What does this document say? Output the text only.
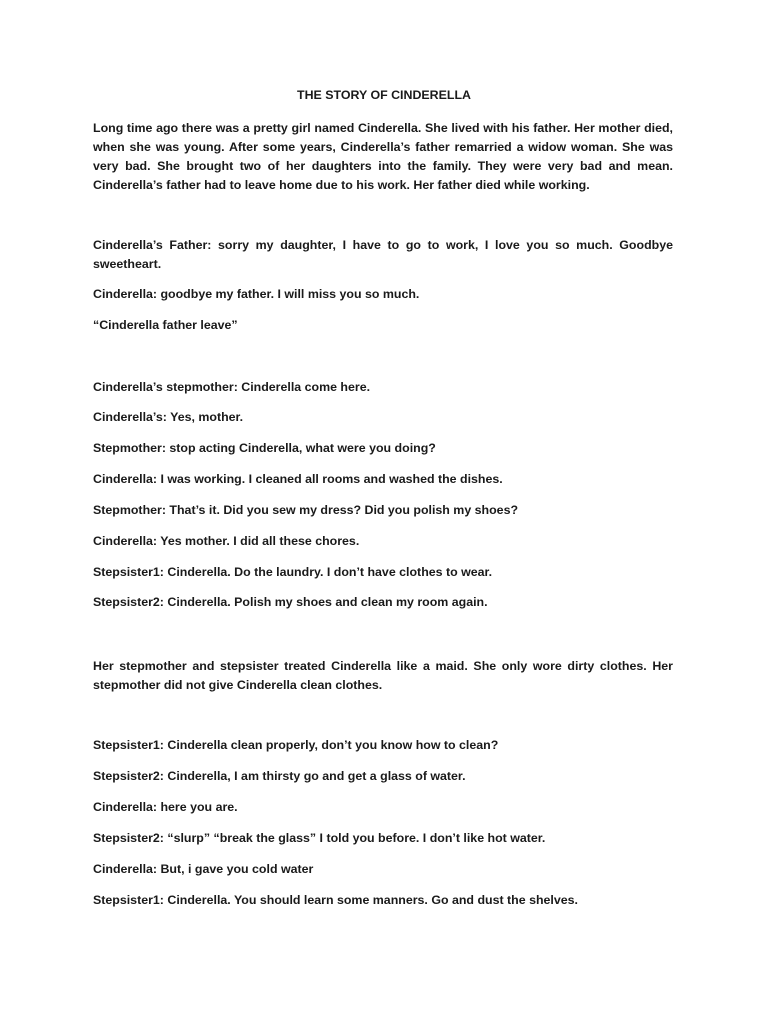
THE STORY OF CINDERELLA

Long time ago there was a pretty girl named Cinderella. She lived with his father. Her mother died, when she was young. After some years, Cinderella’s father remarried a widow woman. She was very bad. She brought two of her daughters into the family. They were very bad and mean. Cinderella’s father had to leave home due to his work. Her father died while working.

Cinderella’s Father: sorry my daughter, I have to go to work, I love you so much. Goodbye sweetheart.

Cinderella: goodbye my father. I will miss you so much.

“Cinderella father leave”

Cinderella’s stepmother: Cinderella come here.

Cinderella’s: Yes, mother.

Stepmother: stop acting Cinderella, what were you doing?

Cinderella: I was working. I cleaned all rooms and washed the dishes.

Stepmother: That’s it. Did you sew my dress? Did you polish my shoes?

Cinderella: Yes mother. I did all these chores.

Stepsister1: Cinderella. Do the laundry. I don’t have clothes to wear.

Stepsister2: Cinderella. Polish my shoes and clean my room again.

Her stepmother and stepsister treated Cinderella like a maid. She only wore dirty clothes. Her stepmother did not give Cinderella clean clothes.

Stepsister1: Cinderella clean properly, don’t you know how to clean?

Stepsister2: Cinderella, I am thirsty go and get a glass of water.

Cinderella: here you are.

Stepsister2: “slurp” “break the glass” I told you before. I don’t like hot water.

Cinderella: But, i gave you cold water

Stepsister1: Cinderella. You should learn some manners. Go and dust the shelves.
